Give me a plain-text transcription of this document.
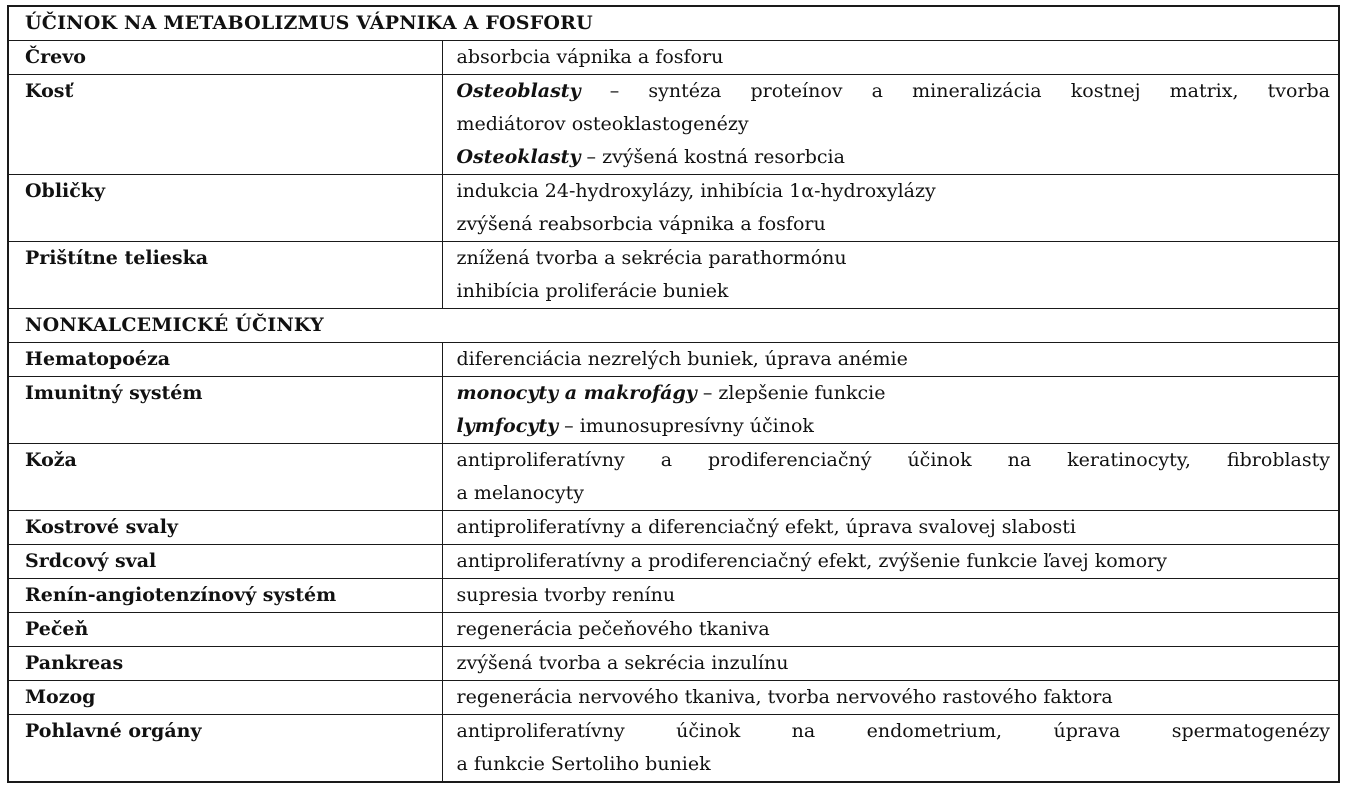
ÚČINOK NA METABOLIZMUS VÁPNIKA A FOSFORU	
Črevo	absorbcia vápnika a fosforu
Kosť	Osteoblasty – syntéza proteínov a mineralizácia kostnej matrix, tvorba
mediátorov osteoklastogenézy
Osteoklasty – zvýšená kostná resorbcia

Obličky	indukcia 24-hydroxylázy, inhibícia 1α-hydroxylázy
zvýšená reabsorbcia vápnika a fosforu

Prištítne telieska	znížená tvorba a sekrécia parathormónu
inhibícia proliferácie buniek

NONKALCEMICKÉ ÚČINKY	
Hematopoéza	diferenciácia nezrelých buniek, úprava anémie
Imunitný systém	monocyty a makrofágy – zlepšenie funkcie
lymfocyty – imunosupresívny účinok

Koža	antiproliferatívny a prodiferenciačný účinok na keratinocyty, fibroblasty
a melanocyty

Kostrové svaly	antiproliferatívny a diferenciačný efekt, úprava svalovej slabosti
Srdcový sval	antiproliferatívny a prodiferenciačný efekt, zvýšenie funkcie ľavej komory
Renín-angiotenzínový systém	supresia tvorby renínu
Pečeň	regenerácia pečeňového tkaniva
Pankreas	zvýšená tvorba a sekrécia inzulínu
Mozog	regenerácia nervového tkaniva, tvorba nervového rastového faktora
Pohlavné orgány	antiproliferatívny účinok na endometrium, úprava spermatogenézy
a funkcie Sertoliho buniek
